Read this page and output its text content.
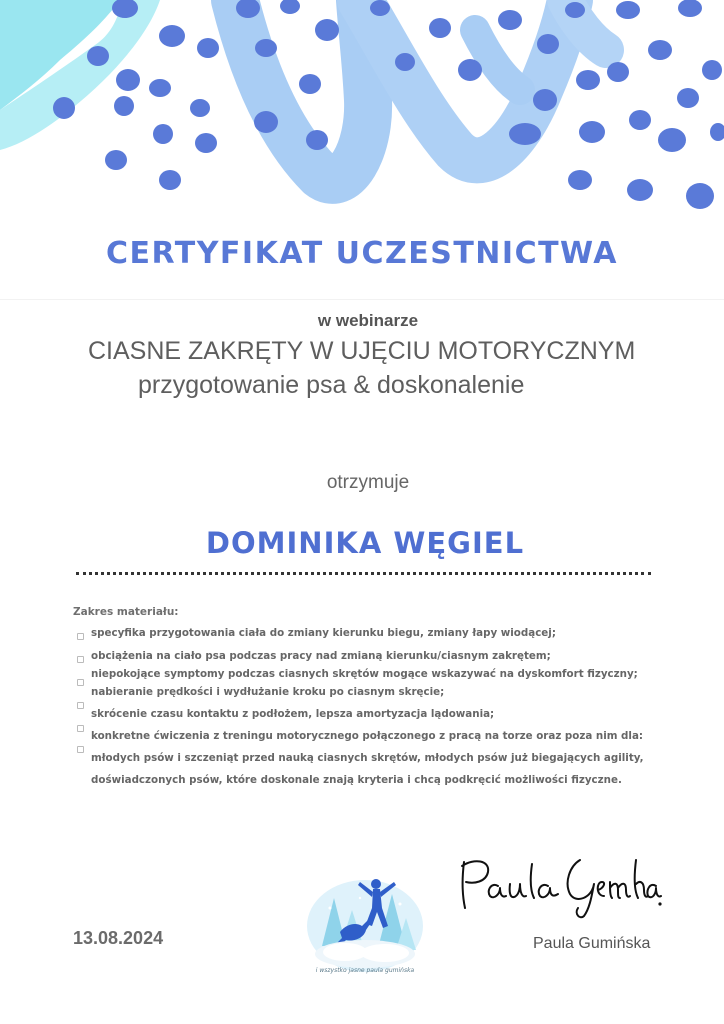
CERTYFIKAT UCZESTNICTWA
w webinarze
CIASNE ZAKRĘTY W UJĘCIU MOTORYCZNYM
przygotowanie psa & doskonalenie
otrzymuje
DOMINIKA WĘGIEL
Zakres materiału:
specyfika przygotowania ciała do zmiany kierunku biegu, zmiany łapy wiodącej;
obciążenia na ciało psa podczas pracy nad zmianą kierunku/ciasnym zakrętem;
niepokojące symptomy podczas ciasnych skrętów mogące wskazywać na dyskomfort fizyczny;
nabieranie prędkości i wydłużanie kroku po ciasnym skręcie;
skrócenie czasu kontaktu z podłożem, lepsza amortyzacja lądowania;
konkretne ćwiczenia z treningu motorycznego połączonego z pracą na torze oraz poza nim dla:
młodych psów i szczeniąt przed nauką ciasnych skrętów, młodych psów już biegających agility,
doświadczonych psów, które doskonale znają kryteria i chcą podkręcić możliwości fizyczne.
13.08.2024
i wszystko jasne paula gumińska
Paula Gumińska
